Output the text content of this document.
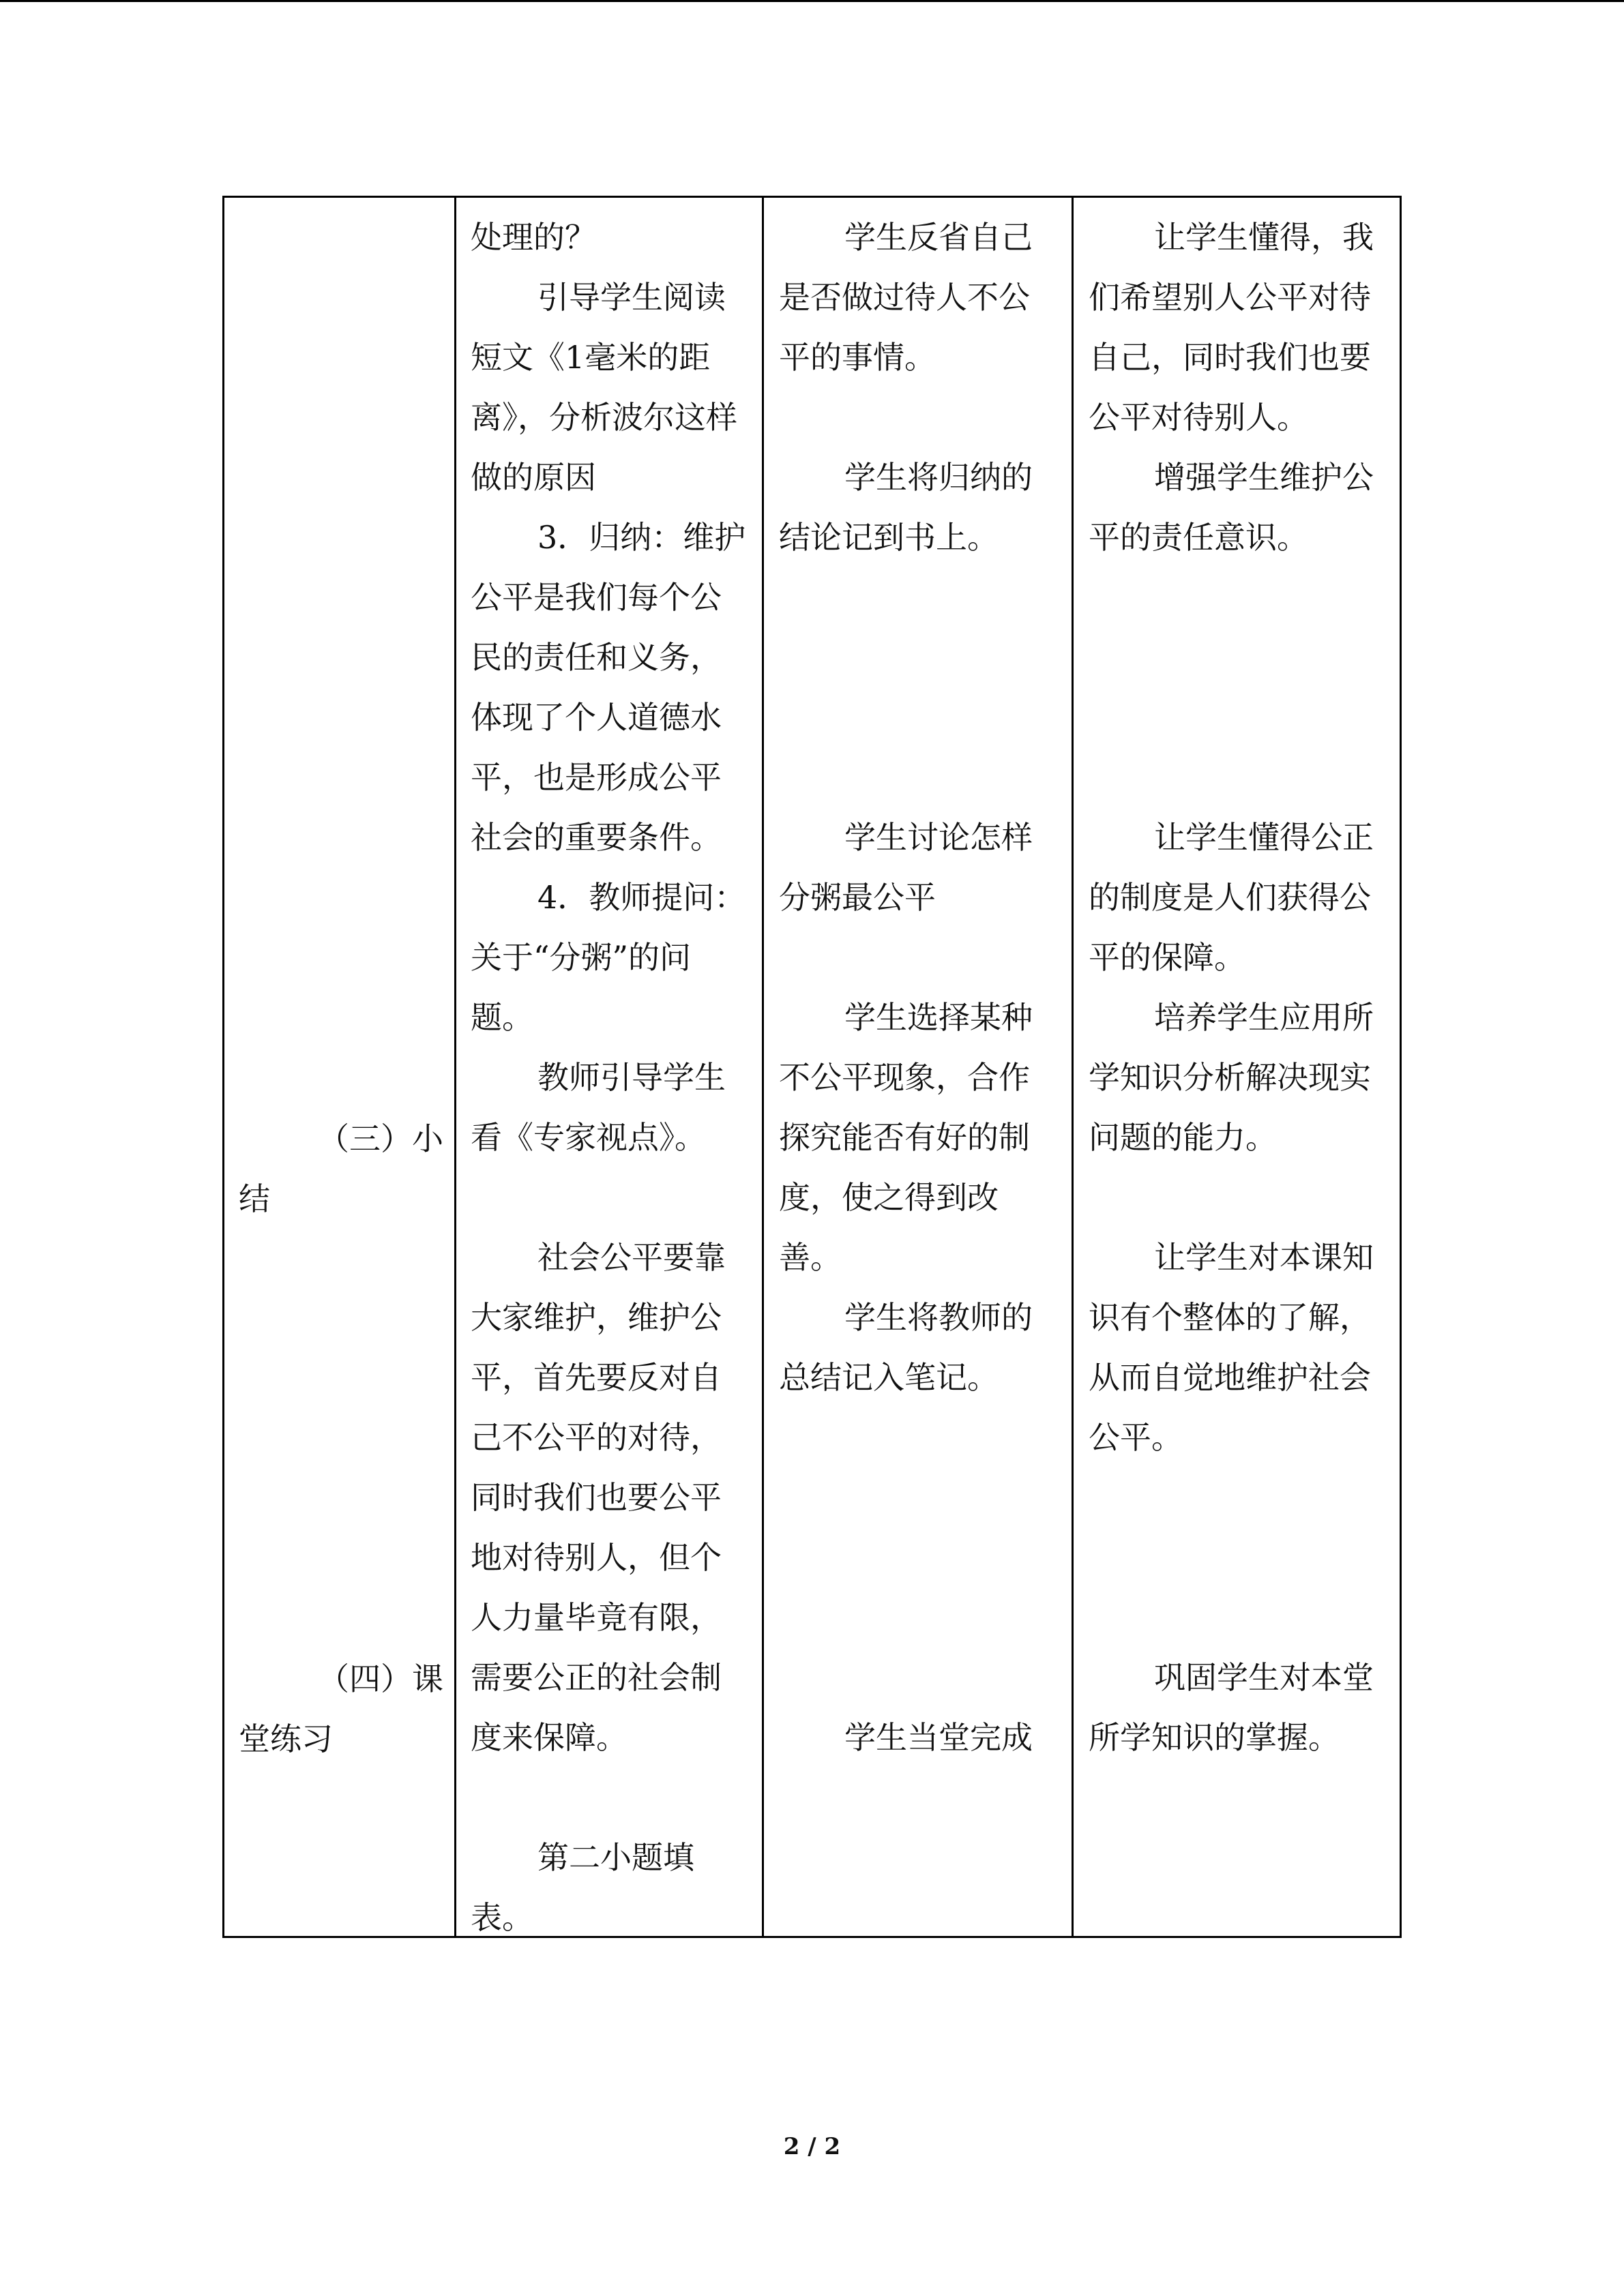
（三）小
结
（四）课
堂练习
处理的？
引导学生阅读
短文《1毫米的距
离》，分析波尔这样
做的原因
3．归纳：维护
公平是我们每个公
民的责任和义务，
体现了个人道德水
平，也是形成公平
社会的重要条件。
4．教师提问：
关于“分粥”的问
题。
教师引导学生
看《专家视点》。
社会公平要靠
大家维护，维护公
平，首先要反对自
己不公平的对待，
同时我们也要公平
地对待别人，但个
人力量毕竟有限，
需要公正的社会制
度来保障。
第二小题填
表。
学生反省自己
是否做过待人不公
平的事情。
学生将归纳的
结论记到书上。
学生讨论怎样
分粥最公平
学生选择某种
不公平现象，合作
探究能否有好的制
度，使之得到改
善。
学生将教师的
总结记入笔记。
学生当堂完成
让学生懂得，我
们希望别人公平对待
自己，同时我们也要
公平对待别人。
增强学生维护公
平的责任意识。
让学生懂得公正
的制度是人们获得公
平的保障。
培养学生应用所
学知识分析解决现实
问题的能力。
让学生对本课知
识有个整体的了解，
从而自觉地维护社会
公平。
巩固学生对本堂
所学知识的掌握。
2 / 2
